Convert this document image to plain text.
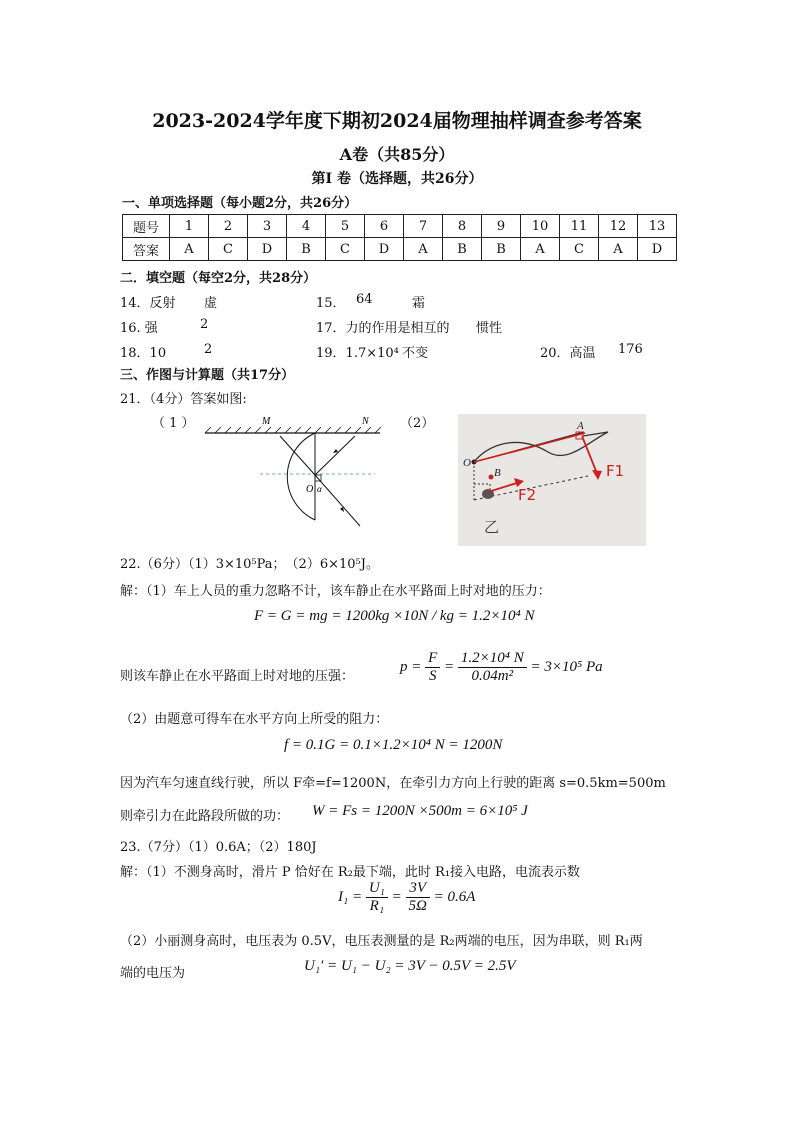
2023-2024学年度下期初2024届物理抽样调查参考答案
A卷（共85分）
第Ⅰ 卷（选择题，共26分）
一、单项选择题（每小题2分，共26分）
题号	1	2	3	4	5	6	7	8	9	10	11	12	13
答案	A	C	D	B	C	D	A	B	B	A	C	A	D
二．填空题（每空2分，共28分）
14．反射 虚	15． 64	霜
16. 强	2	17．力的作用是相互的 惯性
18．10	2	19．1.7×10⁴ 不变	20．高温 176
三、作图与计算题（共17分）
21．（4分）答案如图:
（ 1 ）	（2）
M	N
O α
A
O
B	F1
F2
乙
22.（6分）（1）3×10⁵Pa；　（2）6×10⁵J。
解：（1）车上人员的重力忽略不计，该车静止在水平路面上时对地的压力：
F = G = mg = 1200kg ×10N / kg = 1.2×10⁴ N
则该车静止在水平路面上时对地的压强：
$p = \frac{F}{S} = \frac{\text{1.2×10⁴ N}}{\text{0.04m²}} = 3\times 10^5$ Pa
（2）由题意可得车在水平方向上所受的阻力：
f = 0.1G = 0.1×1.2×10⁴ N = 1200N
因为汽车匀速直线行驶，所以 F牵=f=1200N，在牵引力方向上行驶的距离 s=0.5km=500m
则牵引力在此路段所做的功： W = Fs = 1200N ×500m = 6×10⁵ J
23.（7分）（1）0.6A；（2）180J
解：（1）不测身高时，滑片 P 恰好在 R₂最下端，此时 R₁接入电路，电流表示数
$I_1 = \frac{\text{U₁}}{\text{R₁}} = \frac{3V}{5\Omega} = 0.6A$
（2）小丽测身高时，电压表为 0.5V，电压表测量的是 R₂两端的电压，因为串联，则 R₁两
端的电压为	U₁′ = U₁ − U₂ = 3V − 0.5V = 2.5V
